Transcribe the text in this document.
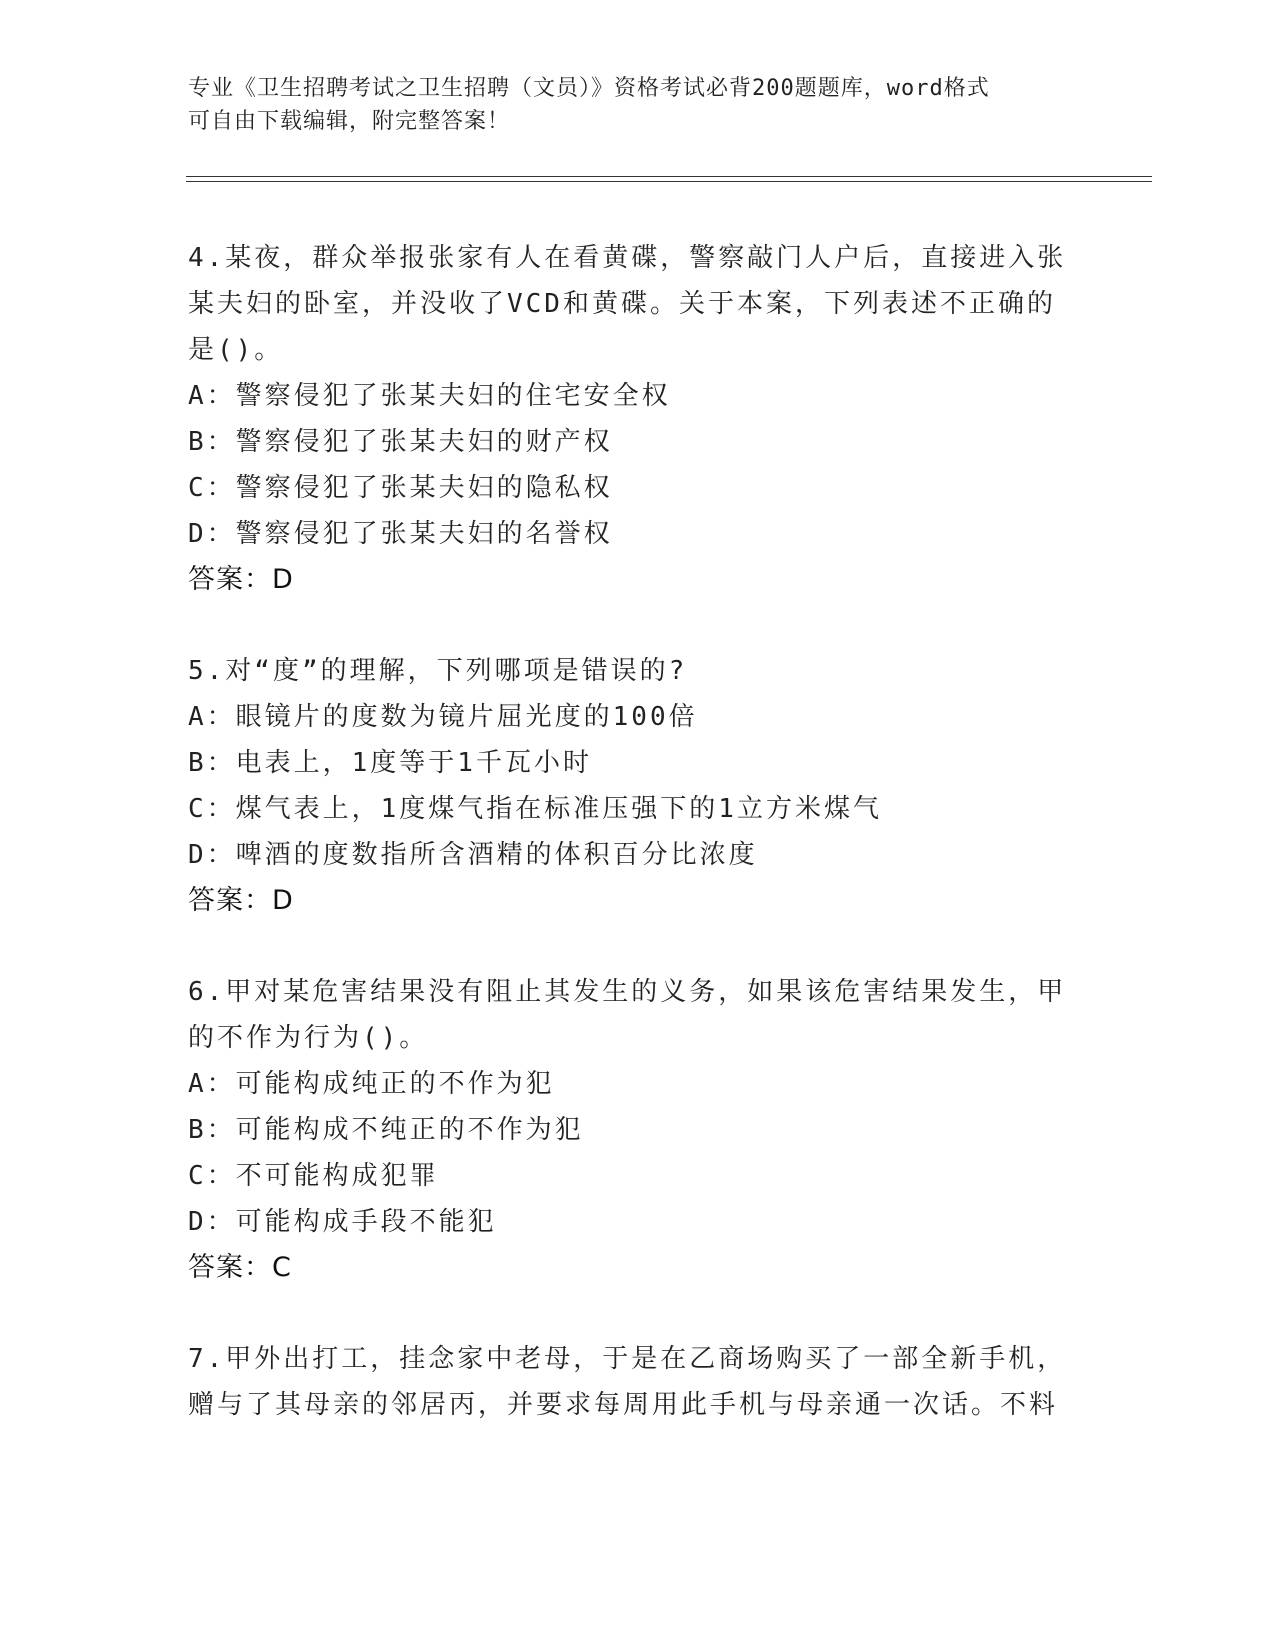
专业《卫生招聘考试之卫生招聘（文员）》资格考试必背200题题库，word格式
可自由下载编辑，附完整答案！

4.某夜，群众举报张家有人在看黄碟，警察敲门人户后，直接进入张

某夫妇的卧室，并没收了VCD和黄碟。关于本案，下列表述不正确的

是()。

A：警察侵犯了张某夫妇的住宅安全权

B：警察侵犯了张某夫妇的财产权

C：警察侵犯了张某夫妇的隐私权

D：警察侵犯了张某夫妇的名誉权

答案：D

5.对“度”的理解，下列哪项是错误的?

A：眼镜片的度数为镜片屈光度的100倍

B：电表上，1度等于1千瓦小时

C：煤气表上，1度煤气指在标准压强下的1立方米煤气

D：啤酒的度数指所含酒精的体积百分比浓度

答案：D

6.甲对某危害结果没有阻止其发生的义务，如果该危害结果发生，甲

的不作为行为()。

A：可能构成纯正的不作为犯

B：可能构成不纯正的不作为犯

C：不可能构成犯罪

D：可能构成手段不能犯

答案：C

7.甲外出打工，挂念家中老母，于是在乙商场购买了一部全新手机，

赠与了其母亲的邻居丙，并要求每周用此手机与母亲通一次话。不料
